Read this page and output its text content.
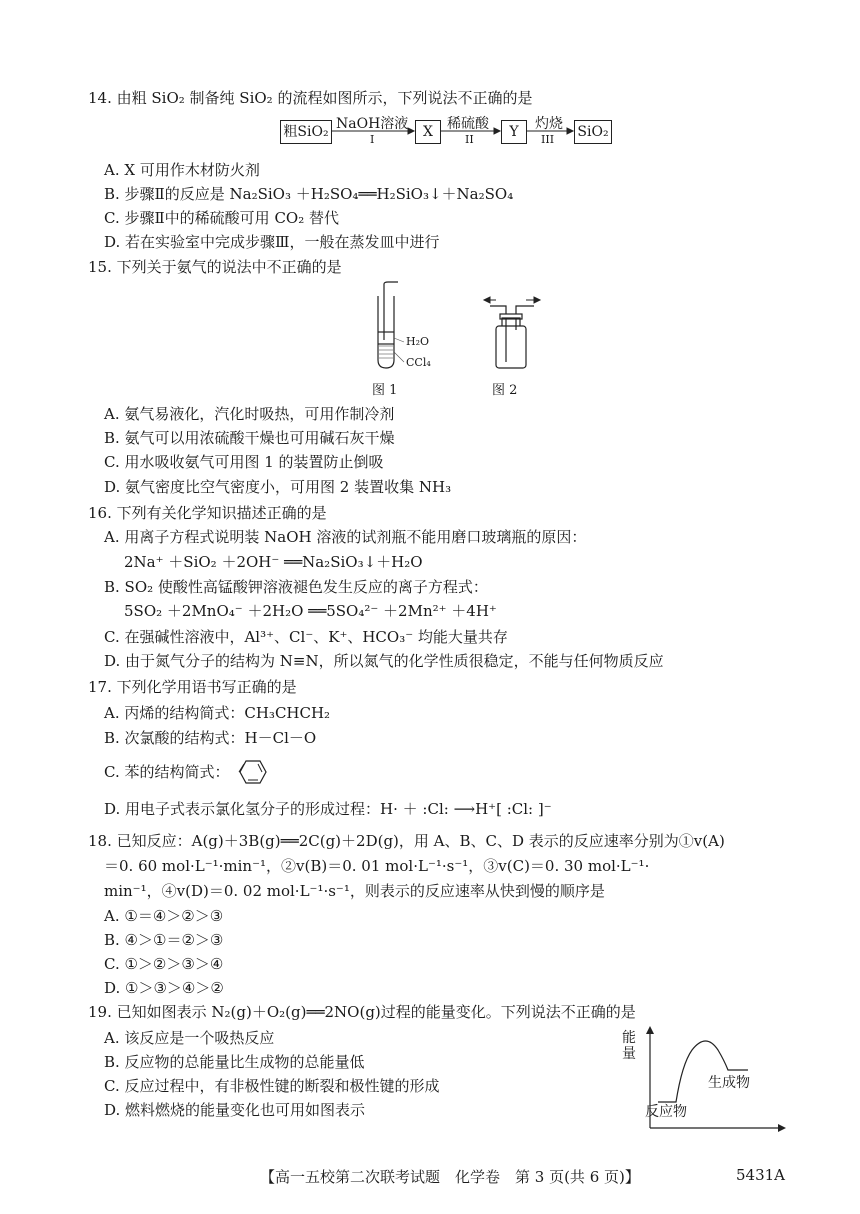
14. 由粗 SiO₂ 制备纯 SiO₂ 的流程如图所示，下列说法不正确的是
粗SiO₂ NaOH溶液
I	X	稀硫酸
II	Y	灼烧
III SiO₂
A. X 可用作木材防火剂
B. 步骤Ⅱ的反应是 Na₂SiO₃ ＋H₂SO₄══H₂SiO₃↓＋Na₂SO₄
C. 步骤Ⅱ中的稀硫酸可用 CO₂ 替代
D. 若在实验室中完成步骤Ⅲ，一般在蒸发皿中进行
15. 下列关于氨气的说法中不正确的是
H₂O
CCl₄
图 1	图 2
A. 氨气易液化，汽化时吸热，可用作制冷剂
B. 氨气可以用浓硫酸干燥也可用碱石灰干燥
C. 用水吸收氨气可用图 1 的装置防止倒吸
D. 氨气密度比空气密度小，可用图 2 装置收集 NH₃
16. 下列有关化学知识描述正确的是
A. 用离子方程式说明装 NaOH 溶液的试剂瓶不能用磨口玻璃瓶的原因：
2Na⁺ ＋SiO₂ ＋2OH⁻ ══Na₂SiO₃↓＋H₂O
B. SO₂ 使酸性高锰酸钾溶液褪色发生反应的离子方程式：
5SO₂ ＋2MnO₄⁻ ＋2H₂O ══5SO₄²⁻ ＋2Mn²⁺ ＋4H⁺
C. 在强碱性溶液中，Al³⁺、Cl⁻、K⁺、HCO₃⁻ 均能大量共存
D. 由于氮气分子的结构为 N≡N，所以氮气的化学性质很稳定，不能与任何物质反应
17. 下列化学用语书写正确的是
A. 丙烯的结构简式：CH₃CHCH₂
B. 次氯酸的结构式：H－Cl－O
C. 苯的结构简式：
D. 用电子式表示氯化氢分子的形成过程：H· ＋ :Cl: ⟶H⁺[ :Cl: ]⁻
18. 已知反应：A(g)＋3B(g)══2C(g)＋2D(g)，用 A、B、C、D 表示的反应速率分别为①v(A)
＝0. 60 mol·L⁻¹·min⁻¹，②v(B)＝0. 01 mol·L⁻¹·s⁻¹，③v(C)＝0. 30 mol·L⁻¹·
min⁻¹，④v(D)＝0. 02 mol·L⁻¹·s⁻¹，则表示的反应速率从快到慢的顺序是
A. ①＝④＞②＞③
B. ④＞①＝②＞③
C. ①＞②＞③＞④
D. ①＞③＞④＞②
19. 已知如图表示 N₂(g)＋O₂(g)══2NO(g)过程的能量变化。下列说法不正确的是
A. 该反应是一个吸热反应
B. 反应物的总能量比生成物的总能量低
C. 反应过程中，有非极性键的断裂和极性键的形成
D. 燃料燃烧的能量变化也可用如图表示
能
量
生成物
反应物
【高一五校第二次联考试题　化学卷　第 3 页(共 6 页)】	5431A
